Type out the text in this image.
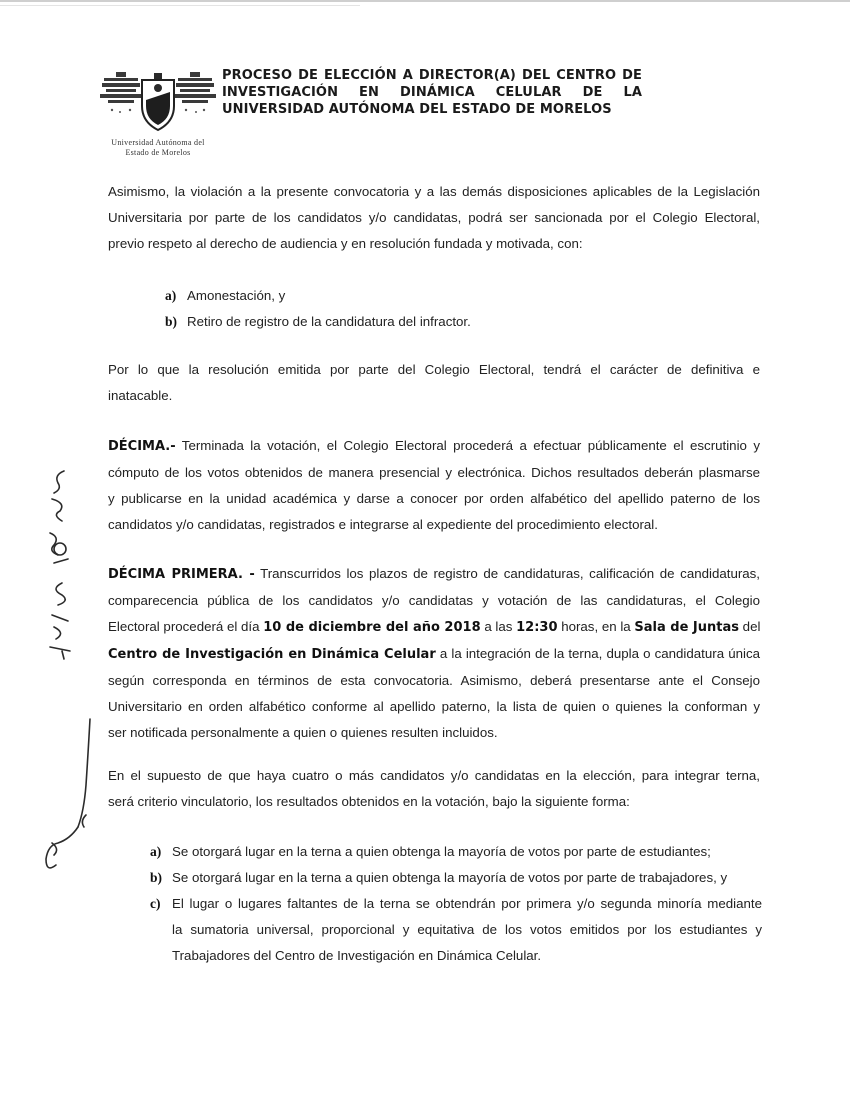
Universidad Autónoma del
Estado de Morelos
PROCESO DE ELECCIÓN A DIRECTOR(A) DEL CENTRO DE
INVESTIGACIÓN EN DINÁMICA CELULAR DE LA
UNIVERSIDAD AUTÓNOMA DEL ESTADO DE MORELOS
Asimismo, la violación a la presente convocatoria y a las demás disposiciones aplicables de la Legislación
Universitaria por parte de los candidatos y/o candidatas, podrá ser sancionada por el Colegio Electoral,
previo respeto al derecho de audiencia y en resolución fundada y motivada, con:
a) Amonestación, y
b) Retiro de registro de la candidatura del infractor.
Por lo que la resolución emitida por parte del Colegio Electoral, tendrá el carácter de definitiva e
inatacable.
DÉCIMA.- Terminada la votación, el Colegio Electoral procederá a efectuar públicamente el escrutinio y
cómputo de los votos obtenidos de manera presencial y electrónica. Dichos resultados deberán plasmarse
y publicarse en la unidad académica y darse a conocer por orden alfabético del apellido paterno de los
candidatos y/o candidatas, registrados e integrarse al expediente del procedimiento electoral.
DÉCIMA PRIMERA. - Transcurridos los plazos de registro de candidaturas, calificación de candidaturas,
comparecencia pública de los candidatos y/o candidatas y votación de las candidaturas, el Colegio
Electoral procederá el día 10 de diciembre del año 2018 a las 12:30 horas, en la Sala de Juntas del
Centro de Investigación en Dinámica Celular a la integración de la terna, dupla o candidatura única
según corresponda en términos de esta convocatoria. Asimismo, deberá presentarse ante el Consejo
Universitario en orden alfabético conforme al apellido paterno, la lista de quien o quienes la conforman y
ser notificada personalmente a quien o quienes resulten incluidos.
En el supuesto de que haya cuatro o más candidatos y/o candidatas en la elección, para integrar terna,
será criterio vinculatorio, los resultados obtenidos en la votación, bajo la siguiente forma:
a) Se otorgará lugar en la terna a quien obtenga la mayoría de votos por parte de estudiantes;
b) Se otorgará lugar en la terna a quien obtenga la mayoría de votos por parte de trabajadores, y
c) El lugar o lugares faltantes de la terna se obtendrán por primera y/o segunda minoría mediante
la sumatoria universal, proporcional y equitativa de los votos emitidos por los estudiantes y
Trabajadores del Centro de Investigación en Dinámica Celular.
